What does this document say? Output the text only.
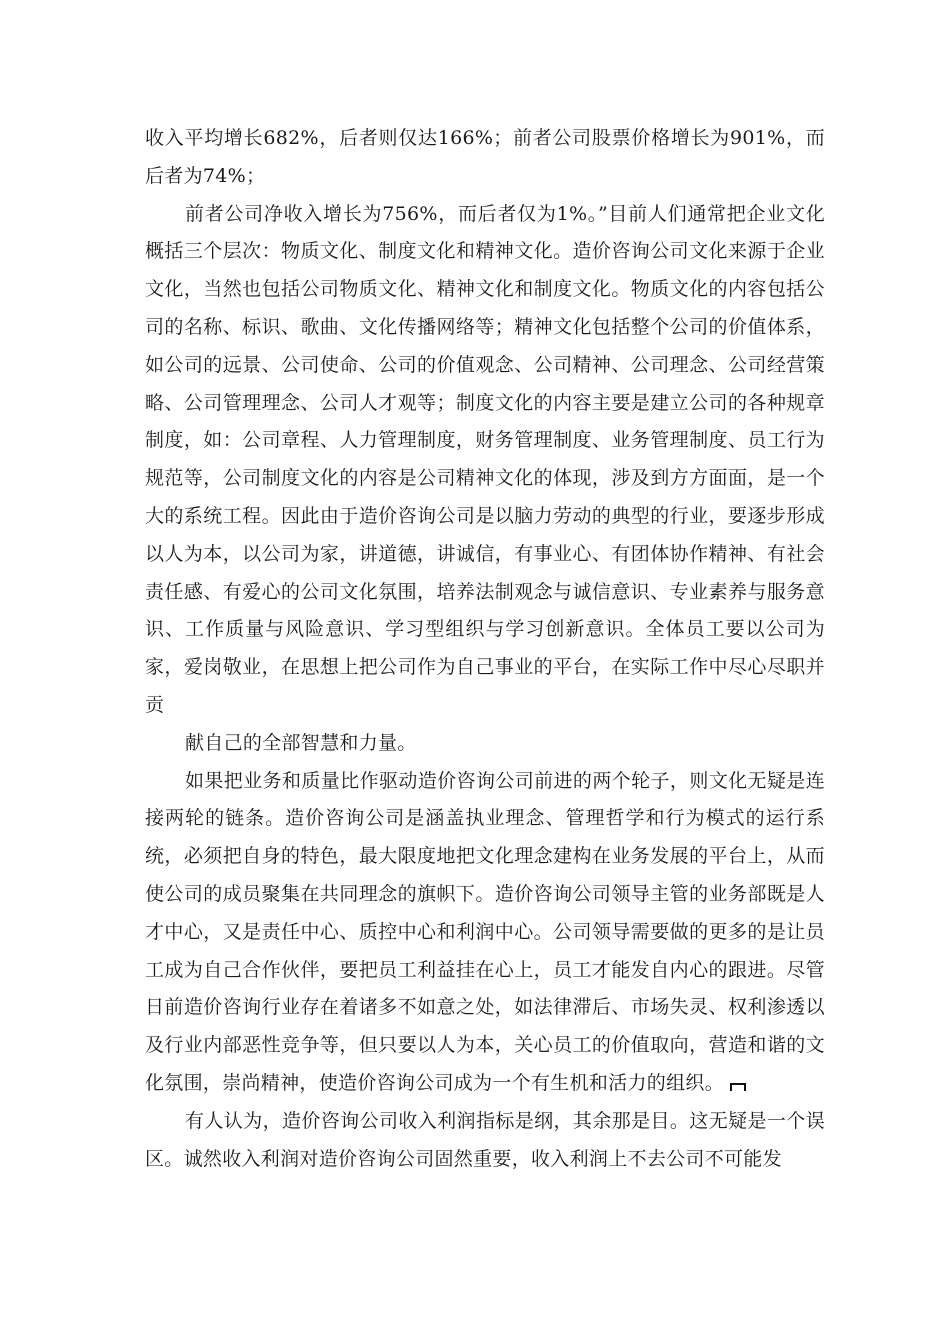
收入平均增长682%，后者则仅达166%；前者公司股票价格增长为901%，而后者为74%；

前者公司净收入增长为756%，而后者仅为1%。”目前人们通常把企业文化概括三个层次：物质文化、制度文化和精神文化。造价咨询公司文化来源于企业文化，当然也包括公司物质文化、精神文化和制度文化。物质文化的内容包括公司的名称、标识、歌曲、文化传播网络等；精神文化包括整个公司的价值体系，如公司的远景、公司使命、公司的价值观念、公司精神、公司理念、公司经营策略、公司管理理念、公司人才观等；制度文化的内容主要是建立公司的各种规章制度，如：公司章程、人力管理制度，财务管理制度、业务管理制度、员工行为规范等，公司制度文化的内容是公司精神文化的体现，涉及到方方面面，是一个大的系统工程。因此由于造价咨询公司是以脑力劳动的典型的行业，要逐步形成以人为本，以公司为家，讲道德，讲诚信，有事业心、有团体协作精神、有社会责任感、有爱心的公司文化氛围，培养法制观念与诚信意识、专业素养与服务意识、工作质量与风险意识、学习型组织与学习创新意识。全体员工要以公司为家，爱岗敬业，在思想上把公司作为自己事业的平台，在实际工作中尽心尽职并贡

献自己的全部智慧和力量。

如果把业务和质量比作驱动造价咨询公司前进的两个轮子，则文化无疑是连接两轮的链条。造价咨询公司是涵盖执业理念、管理哲学和行为模式的运行系统，必须把自身的特色，最大限度地把文化理念建构在业务发展的平台上，从而使公司的成员聚集在共同理念的旗帜下。造价咨询公司领导主管的业务部既是人才中心，又是责任中心、质控中心和利润中心。公司领导需要做的更多的是让员工成为自己合作伙伴，要把员工利益挂在心上，员工才能发自内心的跟进。尽管日前造价咨询行业存在着诸多不如意之处，如法律滞后、市场失灵、权利渗透以及行业内部恶性竞争等，但只要以人为本，关心员工的价值取向，营造和谐的文化氛围，崇尚精神，使造价咨询公司成为一个有生机和活力的组织。

有人认为，造价咨询公司收入利润指标是纲，其余那是目。这无疑是一个误区。诚然收入利润对造价咨询公司固然重要，收入利润上不去公司不可能发
